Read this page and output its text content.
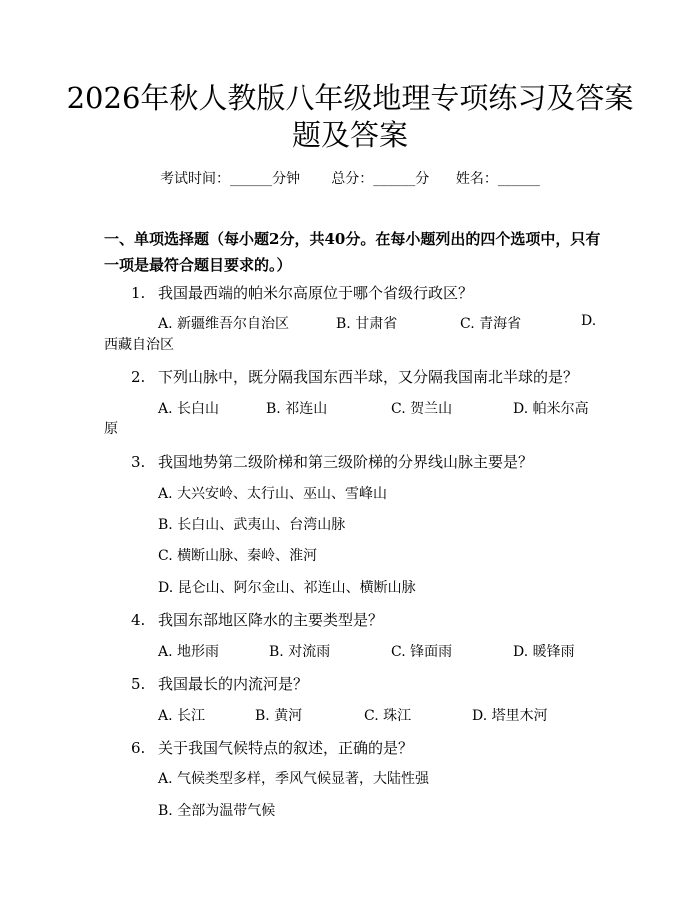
2026年秋人教版八年级地理专项练习及答案
题及答案
考试时间：______分钟 总分：______分 姓名：______
一、单项选择题（每小题2分，共40分。在每小题列出的四个选项中，只有一项是最符合题目要求的。）
1. 我国最西端的帕米尔高原位于哪个省级行政区？
A. 新疆维吾尔自治区	B. 甘肃省	C. 青海省	D.
西藏自治区
2. 下列山脉中，既分隔我国东西半球，又分隔我国南北半球的是？
A. 长白山	B. 祁连山	C. 贺兰山	D. 帕米尔高
原
3. 我国地势第二级阶梯和第三级阶梯的分界线山脉主要是？
A. 大兴安岭、太行山、巫山、雪峰山
B. 长白山、武夷山、台湾山脉
C. 横断山脉、秦岭、淮河
D. 昆仑山、阿尔金山、祁连山、横断山脉
4. 我国东部地区降水的主要类型是？
A. 地形雨	B. 对流雨	C. 锋面雨	D. 暖锋雨
5. 我国最长的内流河是？
A. 长江	B. 黄河	C. 珠江	D. 塔里木河
6. 关于我国气候特点的叙述，正确的是？
A. 气候类型多样，季风气候显著，大陆性强
B. 全部为温带气候
